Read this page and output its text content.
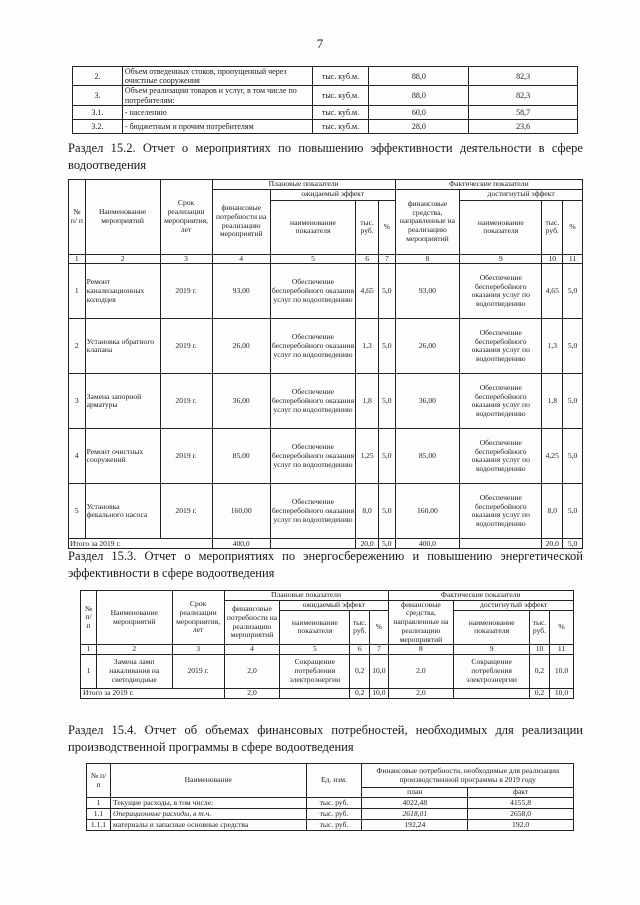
7
2.	Объем отведенных стоков, пропущенный через очистные сооружения	тыс. куб.м.	88,0	82,3
3.	Объем реализации товаров и услуг, в том числе по потребителям:	тыс. куб.м.	88,0	82,3
3.1.	- населению	тыс. куб.м.	60,0	58,7
3.2.	- бюджетным и прочим потребителям	тыс. куб.м.	28,0	23,6
Раздел 15.2. Отчет о мероприятиях по повышению эффективности деятельности в сфере водоотведения
№ п/ п	Наименование мероприятий	Срок реализации мероприятия, лет	Плановые показатели				Фактические показатели			
			финансовые потребности на реализацию мероприятий	ожидаемый эффект			финансовые средства, направленные на реализацию мероприятий	достигнутый эффект		
				наименование показателя	тыс. руб.	%		наименование показателя	тыс. руб.	%
1	2	3	4	5	6	7	8	9	10	11
1	Ремонт канализационных колодцев	2019 г.	93,00	Обеспечение бесперебойного оказания услуг по водоотведению	4,65	5,0	93,00	Обеспечение бесперебойного оказания услуг по водоотведению	4,65	5,0
2	Установка обратного клапана	2019 г.	26,00	Обеспечение бесперебойного оказания услуг по водоотведению	1,3	5,0	26,00	Обеспечение бесперебойного оказания услуг по водоотведению	1,3	5,0
3	Замена запорной арматуры	2019 г.	36,00	Обеспечение бесперебойного оказания услуг по водоотведению	1,8	5,0	36,00	Обеспечение бесперебойного оказания услуг по водоотведению	1,8	5,0
4	Ремонт очистных сооружений	2019 г.	85,00	Обеспечение бесперебойного оказания услуг по водоотведению	1,25	5,0	85,00	Обеспечение бесперебойного оказания услуг по водоотведению	4,25	5,0
5	Установка фекального насоса	2019 г.	160,00	Обеспечение бесперебойного оказания услуг по водоотведению	8,0	5,0	160,00	Обеспечение бесперебойного оказания услуг по водоотведению	8,0	5,0
Итого за 2019 г.			400,0		20,0	5,0	400,0		20,0	5,0
Раздел 15.3. Отчет о мероприятиях по энергосбережению и повышению энергетической эффективности в сфере водоотведения
№ п/ п	Наименование мероприятий	Срок реализации мероприятия, лет	Плановые показатели				Фактические показатели			
			финансовые потребности на реализацию мероприятий	ожидаемый эффект			финансовые средства, направленные на реализацию мероприятий	достигнутый эффект		
				наименование показателя	тыс. руб.	%		наименование показателя	тыс. руб.	%
1	2	3	4	5	6	7	8	9	10	11
1	Замена ламп накаливания на светодиодные	2019 г.	2,0	Сокращение потребления электроэнергии	0,2	10,0	2,0	Сокращение потребления электроэнергии	0,2	10,0
Итого за 2019 г.			2,0		0,2	10,0	2,0		0,2	10,0
Раздел 15.4. Отчет об объемах финансовых потребностей, необходимых для реализации производственной программы в сфере водоотведения
№ п/п	Наименование	Ед. изм.	Финансовые потребности, необходимые для реализации производственной программы в 2019 году	
			план	факт
1	Текущие расходы, в том числе:	тыс. руб.	4022,48	4155,8
1.1	Операционные расходы, в т.ч.	тыс. руб.	2618,01	2658,0
1.1.1	материалы и запасные основные средства	тыс. руб.	192,24	192,0
